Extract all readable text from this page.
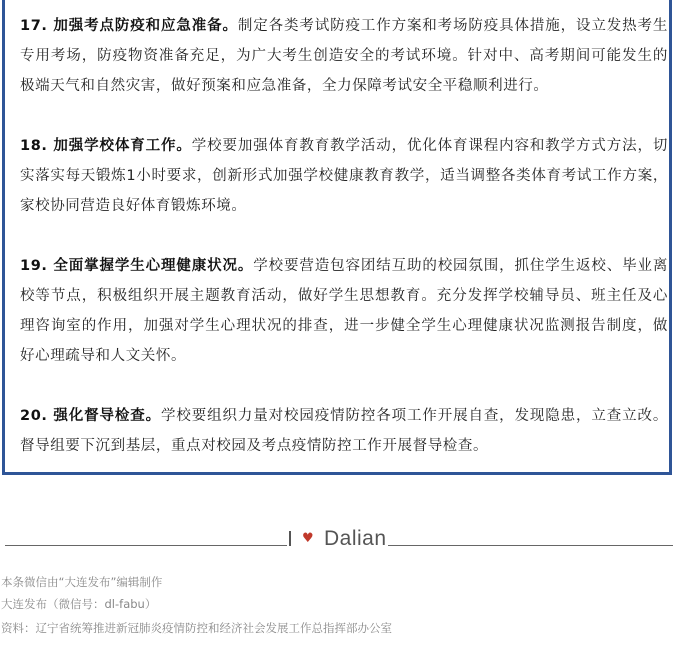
17. 加强考点防疫和应急准备。制定各类考试防疫工作方案和考场防疫具体措施，设立发热考生专用考场，防疫物资准备充足，为广大考生创造安全的考试环境。针对中、高考期间可能发生的极端天气和自然灾害，做好预案和应急准备，全力保障考试安全平稳顺利进行。
18. 加强学校体育工作。学校要加强体育教育教学活动，优化体育课程内容和教学方式方法，切实落实每天锻炼1小时要求，创新形式加强学校健康教育教学，适当调整各类体育考试工作方案，家校协同营造良好体育锻炼环境。
19. 全面掌握学生心理健康状况。学校要营造包容团结互助的校园氛围，抓住学生返校、毕业离校等节点，积极组织开展主题教育活动，做好学生思想教育。充分发挥学校辅导员、班主任及心理咨询室的作用，加强对学生心理状况的排查，进一步健全学生心理健康状况监测报告制度，做好心理疏导和人文关怀。
20. 强化督导检查。学校要组织力量对校园疫情防控各项工作开展自查，发现隐患，立查立改。督导组要下沉到基层，重点对校园及考点疫情防控工作开展督导检查。
♥ Dalian
本条微信由“大连发布”编辑制作
大连发布（微信号：dl-fabu）
资料：辽宁省统筹推进新冠肺炎疫情防控和经济社会发展工作总指挥部办公室
